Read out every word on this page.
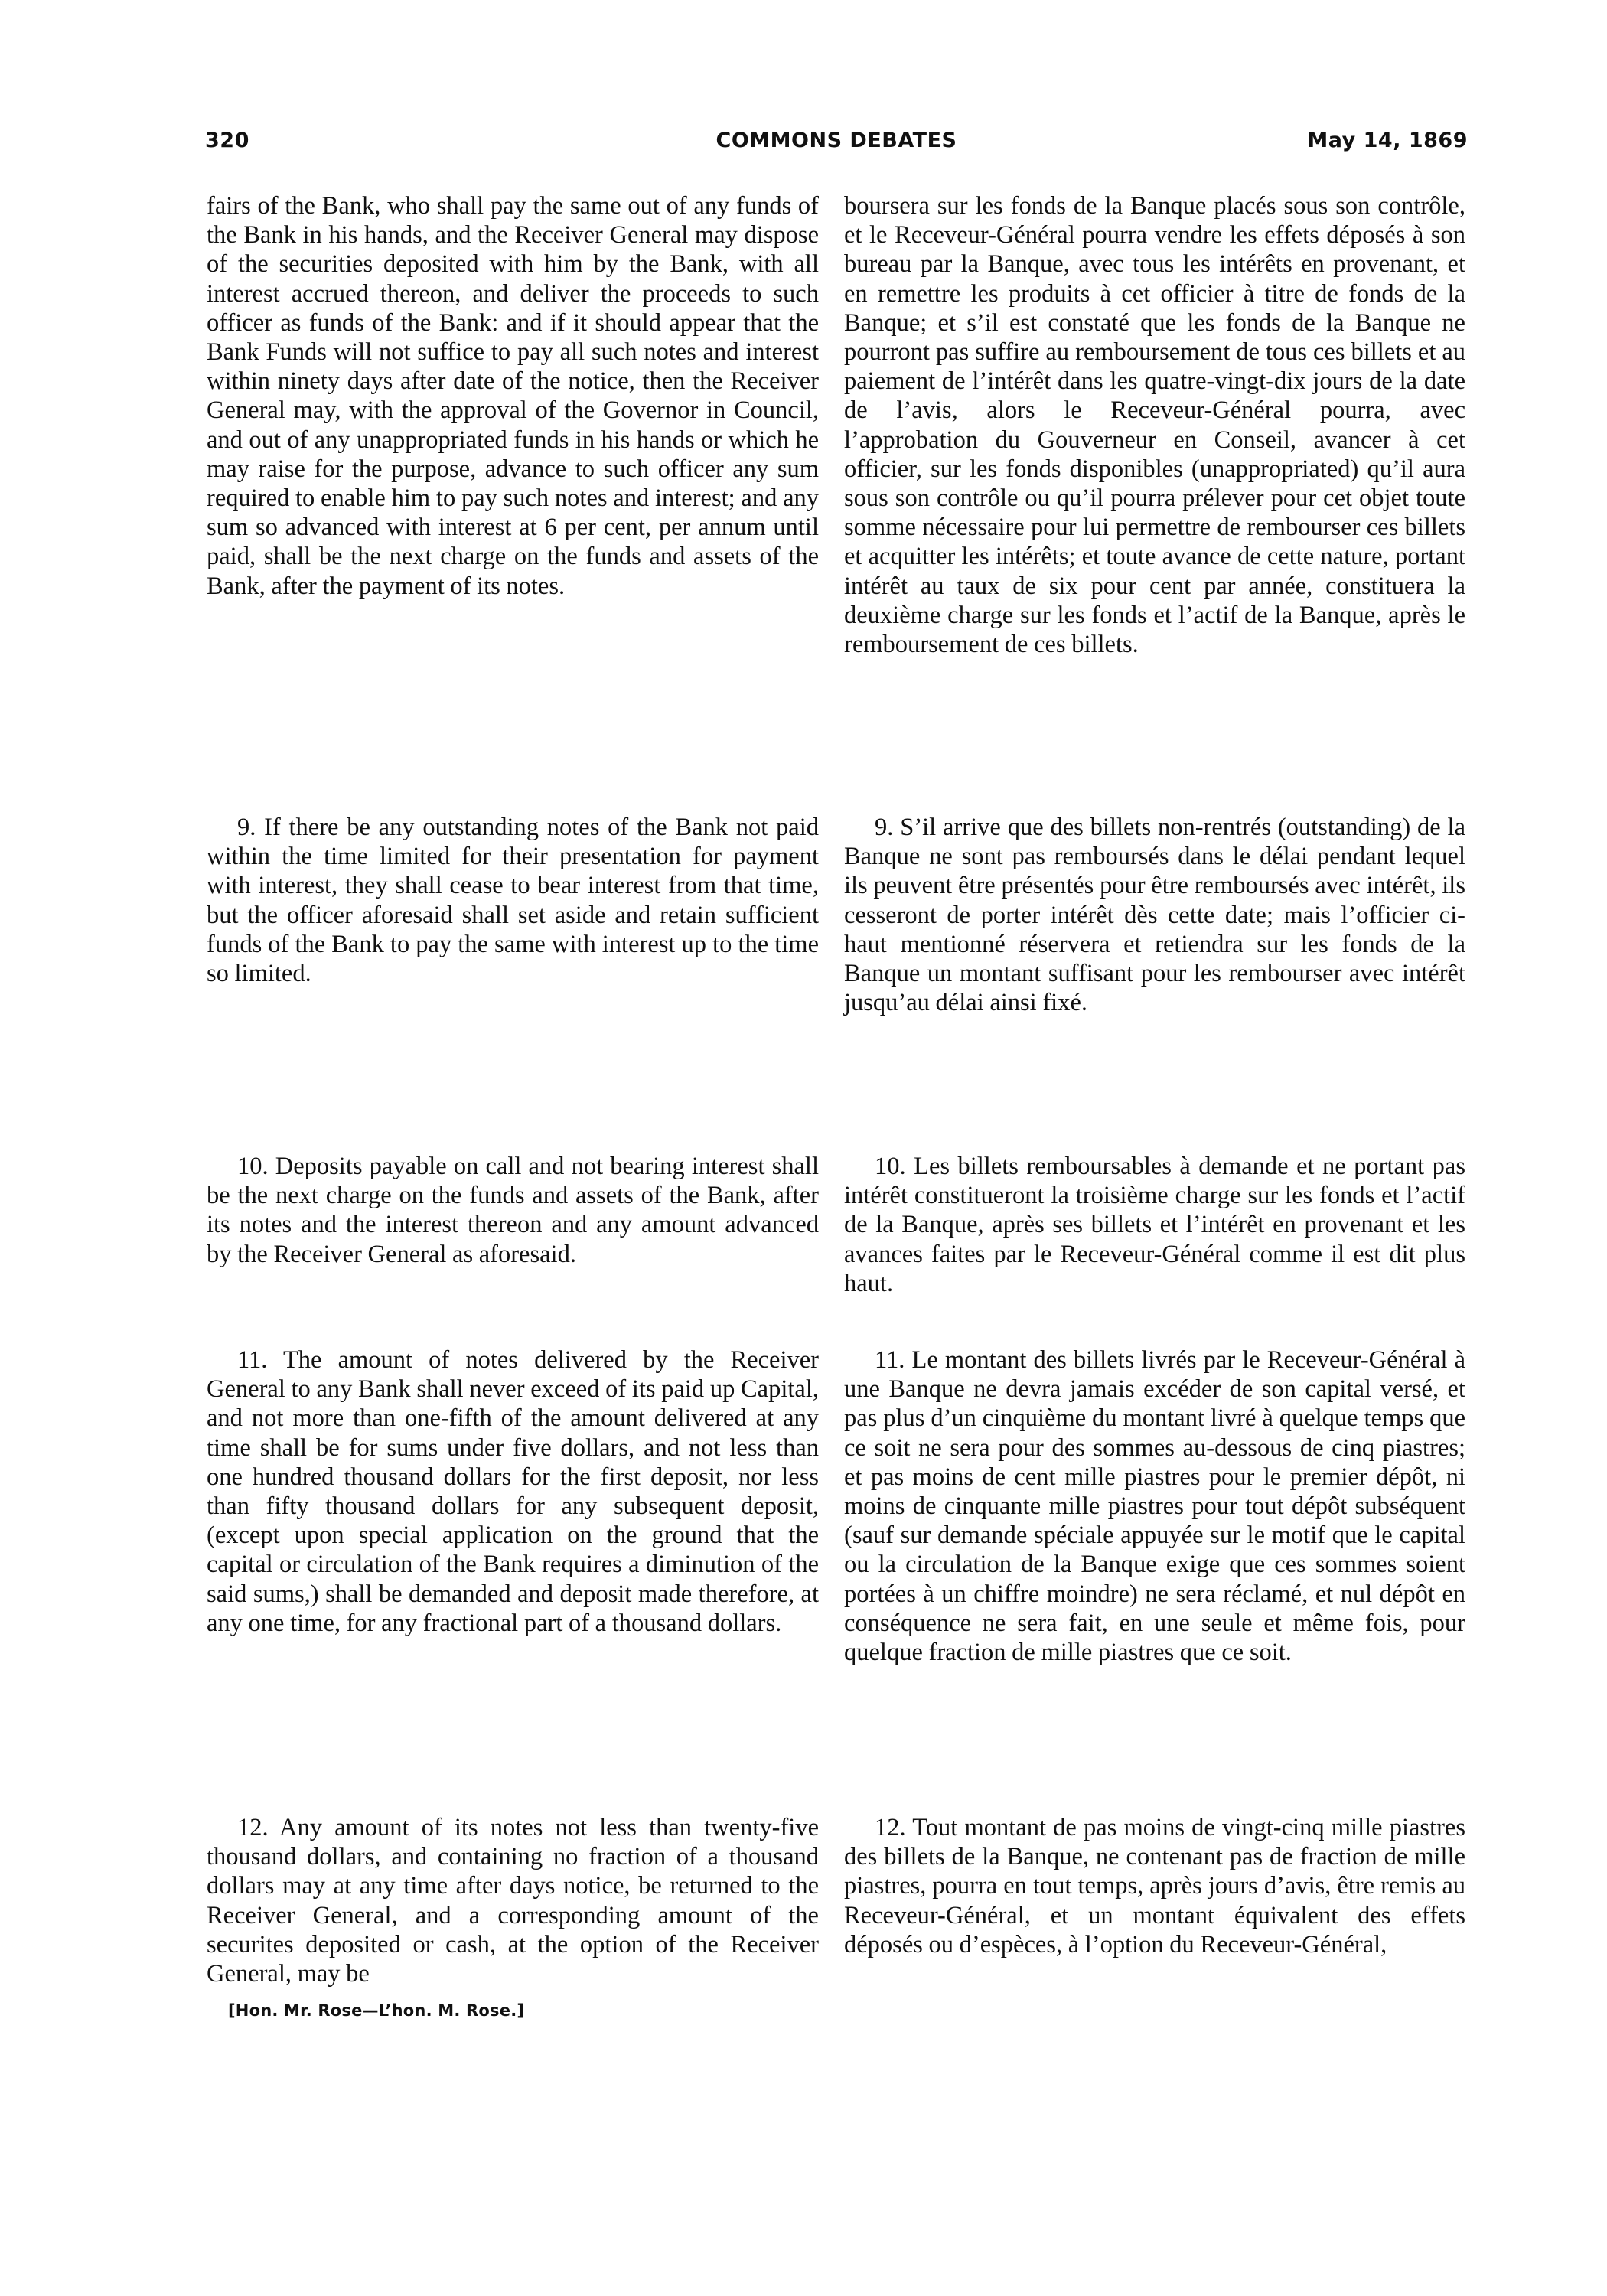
320	COMMONS DEBATES	May 14, 1869

fairs of the Bank, who shall pay the same out of any funds of the Bank in his hands, and the Receiver General may dispose of the securities deposited with him by the Bank, with all interest accrued thereon, and deliver the proceeds to such officer as funds of the Bank: and if it should appear that the Bank Funds will not suffice to pay all such notes and interest within ninety days after date of the notice, then the Receiver General may, with the approval of the Governor in Council, and out of any unappropriated funds in his hands or which he may raise for the purpose, advance to such officer any sum required to enable him to pay such notes and interest; and any sum so advanced with interest at 6 per cent, per annum until paid, shall be the next charge on the funds and assets of the Bank, after the payment of its notes.

9. If there be any outstanding notes of the Bank not paid within the time limited for their presentation for payment with interest, they shall cease to bear interest from that time, but the officer aforesaid shall set aside and retain sufficient funds of the Bank to pay the same with interest up to the time so limited.

10. Deposits payable on call and not bearing interest shall be the next charge on the funds and assets of the Bank, after its notes and the interest thereon and any amount advanced by the Receiver General as aforesaid.

11. The amount of notes delivered by the Receiver General to any Bank shall never exceed of its paid up Capital, and not more than one-fifth of the amount delivered at any time shall be for sums under five dollars, and not less than one hundred thousand dollars for the first deposit, nor less than fifty thousand dollars for any subsequent deposit, (except upon special application on the ground that the capital or circulation of the Bank requires a diminution of the said sums,) shall be demanded and deposit made therefore, at any one time, for any fractional part of a thousand dollars.

12. Any amount of its notes not less than twenty-five thousand dollars, and containing no fraction of a thousand dollars may at any time after days notice, be returned to the Receiver General, and a corresponding amount of the securites deposited or cash, at the option of the Receiver General, may be

boursera sur les fonds de la Banque placés sous son contrôle, et le Receveur-Général pourra vendre les effets déposés à son bureau par la Banque, avec tous les intérêts en provenant, et en remettre les produits à cet officier à titre de fonds de la Banque; et s’il est constaté que les fonds de la Banque ne pourront pas suffire au remboursement de tous ces billets et au paiement de l’intérêt dans les quatre-vingt-dix jours de la date de l’avis, alors le Receveur-Général pourra, avec l’approbation du Gouverneur en Conseil, avancer à cet officier, sur les fonds disponibles (unappropriated) qu’il aura sous son contrôle ou qu’il pourra prélever pour cet objet toute somme nécessaire pour lui permettre de rembourser ces billets et acquitter les intérêts; et toute avance de cette nature, portant intérêt au taux de six pour cent par année, constituera la deuxième charge sur les fonds et l’actif de la Banque, après le remboursement de ces billets.

9. S’il arrive que des billets non-rentrés (outstanding) de la Banque ne sont pas remboursés dans le délai pendant lequel ils peuvent être présentés pour être remboursés avec intérêt, ils cesseront de porter intérêt dès cette date; mais l’officier ci-haut mentionné réservera et retiendra sur les fonds de la Banque un montant suffisant pour les rembourser avec intérêt jusqu’au délai ainsi fixé.

10. Les billets remboursables à demande et ne portant pas intérêt constitueront la troisième charge sur les fonds et l’actif de la Banque, après ses billets et l’intérêt en provenant et les avances faites par le Receveur-Général comme il est dit plus haut.

11. Le montant des billets livrés par le Receveur-Général à une Banque ne devra jamais excéder de son capital versé, et pas plus d’un cinquième du montant livré à quelque temps que ce soit ne sera pour des sommes au-dessous de cinq piastres; et pas moins de cent mille piastres pour le premier dépôt, ni moins de cinquante mille piastres pour tout dépôt subséquent (sauf sur demande spéciale appuyée sur le motif que le capital ou la circulation de la Banque exige que ces sommes soient portées à un chiffre moindre) ne sera réclamé, et nul dépôt en conséquence ne sera fait, en une seule et même fois, pour quelque fraction de mille piastres que ce soit.

12. Tout montant de pas moins de vingt-cinq mille piastres des billets de la Banque, ne contenant pas de fraction de mille piastres, pourra en tout temps, après jours d’avis, être remis au Receveur-Général, et un montant équivalent des effets déposés ou d’espèces, à l’option du Receveur-Général,

[Hon. Mr. Rose—L’hon. M. Rose.]
